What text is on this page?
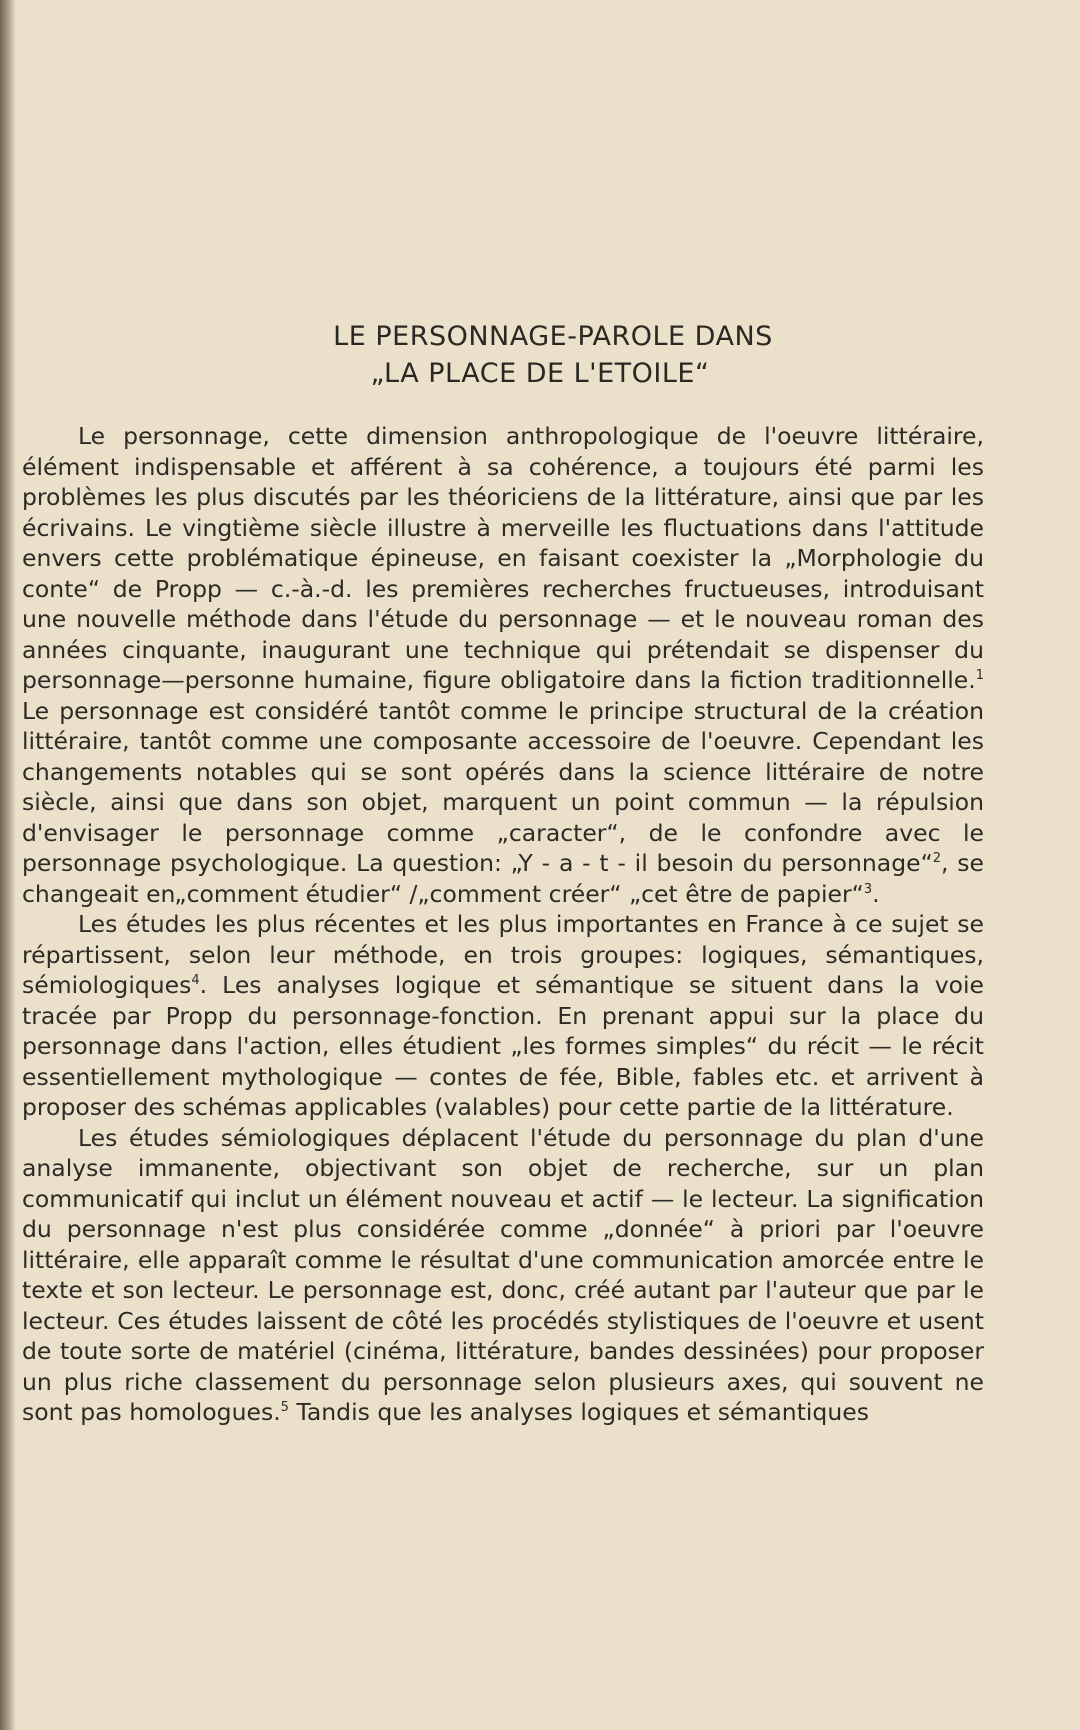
LE PERSONNAGE-PAROLE DANS
„LA PLACE DE L'ETOILE“

Le personnage, cette dimension anthropologique de l'oeuvre littéraire, élément indispensable et afférent à sa cohérence, a toujours été parmi les problèmes les plus discutés par les théoriciens de la littérature, ainsi que par les écrivains. Le vingtième siècle illustre à merveille les fluctuations dans l'attitude envers cette problématique épineuse, en faisant coexister la „Morphologie du conte“ de Propp — c.-à.-d. les premières recherches fructueuses, introduisant une nouvelle méthode dans l'étude du personnage — et le nouveau roman des années cinquante, inaugurant une technique qui prétendait se dispenser du personnage—personne humaine, figure obligatoire dans la fiction traditionnelle.$^1$ Le personnage est considéré tantôt comme le principe structural de la création littéraire, tantôt comme une composante accessoire de l'oeuvre. Cependant les changements notables qui se sont opérés dans la science littéraire de notre siècle, ainsi que dans son objet, marquent un point commun — la répulsion d'envisager le personnage comme „caracter“, de le confondre avec le personnage psychologique. La question: „Y - a - t - il besoin du personnage“$^2$, se changeait en„comment étudier“ /„comment créer“ „cet être de papier“$^3$.

Les études les plus récentes et les plus importantes en France à ce sujet se répartissent, selon leur méthode, en trois groupes: logiques, sémantiques, sémiologiques$^4$. Les analyses logique et sémantique se situent dans la voie tracée par Propp du personnage-fonction. En prenant appui sur la place du personnage dans l'action, elles étudient „les formes simples“ du récit — le récit essentiellement mythologique — contes de fée, Bible, fables etc. et arrivent à proposer des schémas applicables (valables) pour cette partie de la littérature.

Les études sémiologiques déplacent l'étude du personnage du plan d'une analyse immanente, objectivant son objet de recherche, sur un plan communicatif qui inclut un élément nouveau et actif — le lecteur. La signification du personnage n'est plus considérée comme „donnée“ à priori par l'oeuvre littéraire, elle apparaît comme le résultat d'une communication amorcée entre le texte et son lecteur. Le personnage est, donc, créé autant par l'auteur que par le lecteur. Ces études laissent de côté les procédés stylistiques de l'oeuvre et usent de toute sorte de matériel (cinéma, littérature, bandes dessinées) pour proposer un plus riche classement du personnage selon plusieurs axes, qui souvent ne sont pas homologues.$^5$ Tandis que les analyses logiques et sémantiques
